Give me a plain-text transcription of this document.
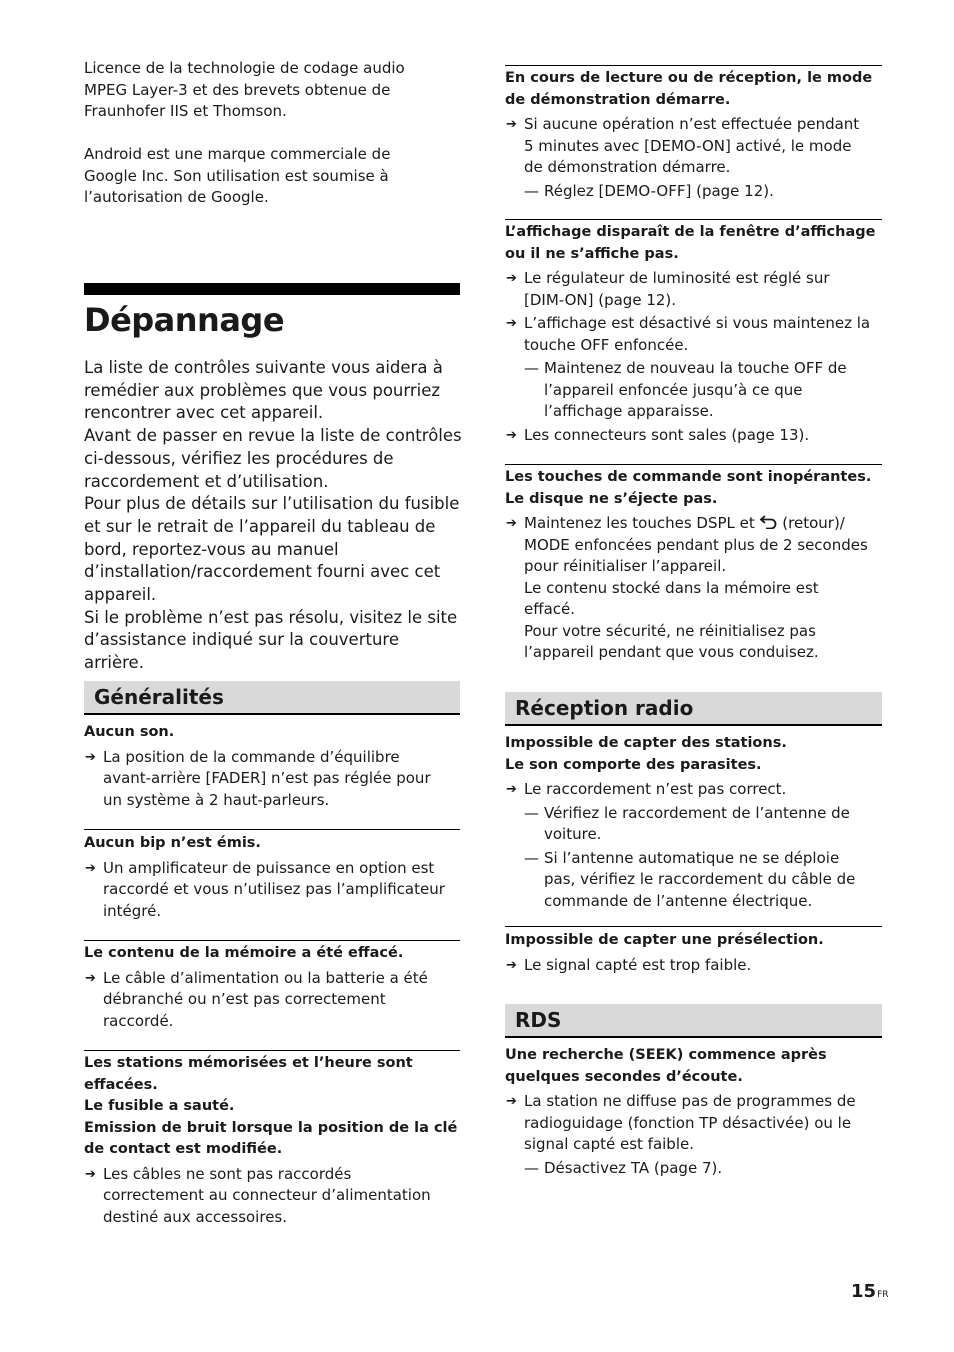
Licence de la technologie de codage audio

MPEG Layer-3 et des brevets obtenue de

Fraunhofer IIS et Thomson.

Android est une marque commerciale de

Google Inc. Son utilisation est soumise à

l’autorisation de Google.

Dépannage
La liste de contrôles suivante vous aidera à
remédier aux problèmes que vous pourriez
rencontrer avec cet appareil.
Avant de passer en revue la liste de contrôles
ci-dessous, vérifiez les procédures de
raccordement et d’utilisation.
Pour plus de détails sur l’utilisation du fusible
et sur le retrait de l’appareil du tableau de
bord, reportez-vous au manuel
d’installation/raccordement fourni avec cet
appareil.
Si le problème n’est pas résolu, visitez le site
d’assistance indiqué sur la couverture arrière.
Généralités

Aucun son.

➔ La position de la commande d’équilibre
avant-arrière [FADER] n’est pas réglée pour
un système à 2 haut-parleurs.

Aucun bip n’est émis.

➔ Un amplificateur de puissance en option est
raccordé et vous n’utilisez pas l’amplificateur
intégré.

Le contenu de la mémoire a été effacé.

➔ Le câble d’alimentation ou la batterie a été
débranché ou n’est pas correctement
raccordé.

Les stations mémorisées et l’heure sont

effacées.

Le fusible a sauté.

Emission de bruit lorsque la position de la clé

de contact est modifiée.

➔ Les câbles ne sont pas raccordés
correctement au connecteur d’alimentation
destiné aux accessoires.

En cours de lecture ou de réception, le mode

de démonstration démarre.

➔ Si aucune opération n’est effectuée pendant
5 minutes avec [DEMO-ON] activé, le mode
de démonstration démarre.
— Réglez [DEMO-OFF] (page 12).

L’affichage disparaît de la fenêtre d’affichage

ou il ne s’affiche pas.

➔ Le régulateur de luminosité est réglé sur
[DIM-ON] (page 12).
➔ L’affichage est désactivé si vous maintenez la
touche OFF enfoncée.
— Maintenez de nouveau la touche OFF de
l’appareil enfoncée jusqu’à ce que
l’affichage apparaisse.
➔ Les connecteurs sont sales (page 13).

Les touches de commande sont inopérantes.

Le disque ne s’éjecte pas.

➔ Maintenez les touches DSPL et  (retour)/
MODE enfoncées pendant plus de 2 secondes
pour réinitialiser l’appareil.
Le contenu stocké dans la mémoire est
effacé.
Pour votre sécurité, ne réinitialisez pas
l’appareil pendant que vous conduisez.
Réception radio

Impossible de capter des stations.

Le son comporte des parasites.

➔ Le raccordement n’est pas correct.
— Vérifiez le raccordement de l’antenne de
voiture.
— Si l’antenne automatique ne se déploie
pas, vérifiez le raccordement du câble de
commande de l’antenne électrique.

Impossible de capter une présélection.

➔ Le signal capté est trop faible.
RDS

Une recherche (SEEK) commence après

quelques secondes d’écoute.

➔ La station ne diffuse pas de programmes de
radioguidage (fonction TP désactivée) ou le
signal capté est faible.
— Désactivez TA (page 7).
15FR
